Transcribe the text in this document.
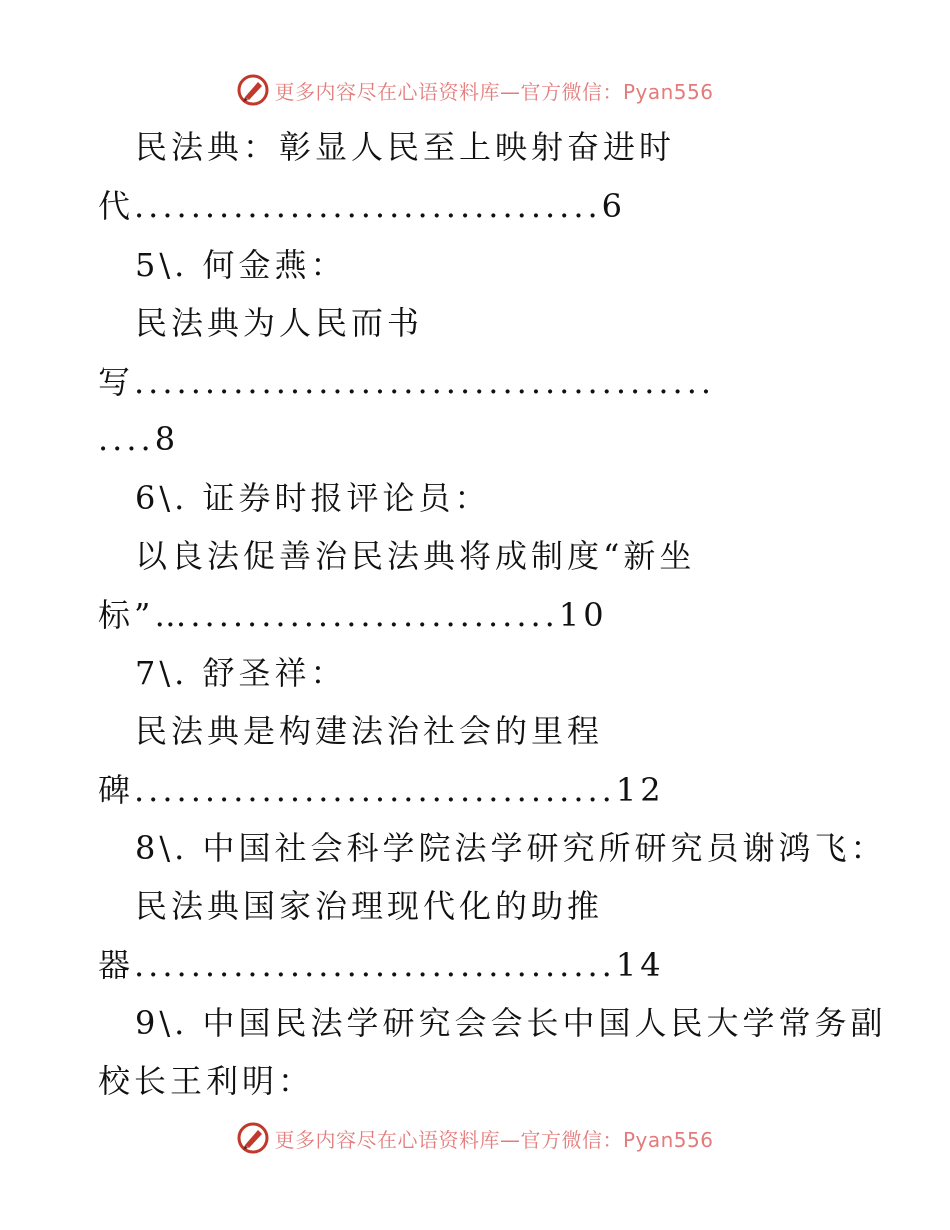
更多内容尽在心语资料库—官方微信：Pyan556
民法典：彰显人民至上映射奋进时
代.................................6
5\. 何金燕：
民法典为人民而书
写.........................................
....8
6\. 证券时报评论员：
以良法促善治民法典将成制度“新坐
标”…..........................10
7\. 舒圣祥：
民法典是构建法治社会的里程
碑..................................12
8\. 中国社会科学院法学研究所研究员谢鸿飞：
民法典国家治理现代化的助推
器..................................14
9\. 中国民法学研究会会长中国人民大学常务副
校长王利明：
更多内容尽在心语资料库—官方微信：Pyan556
